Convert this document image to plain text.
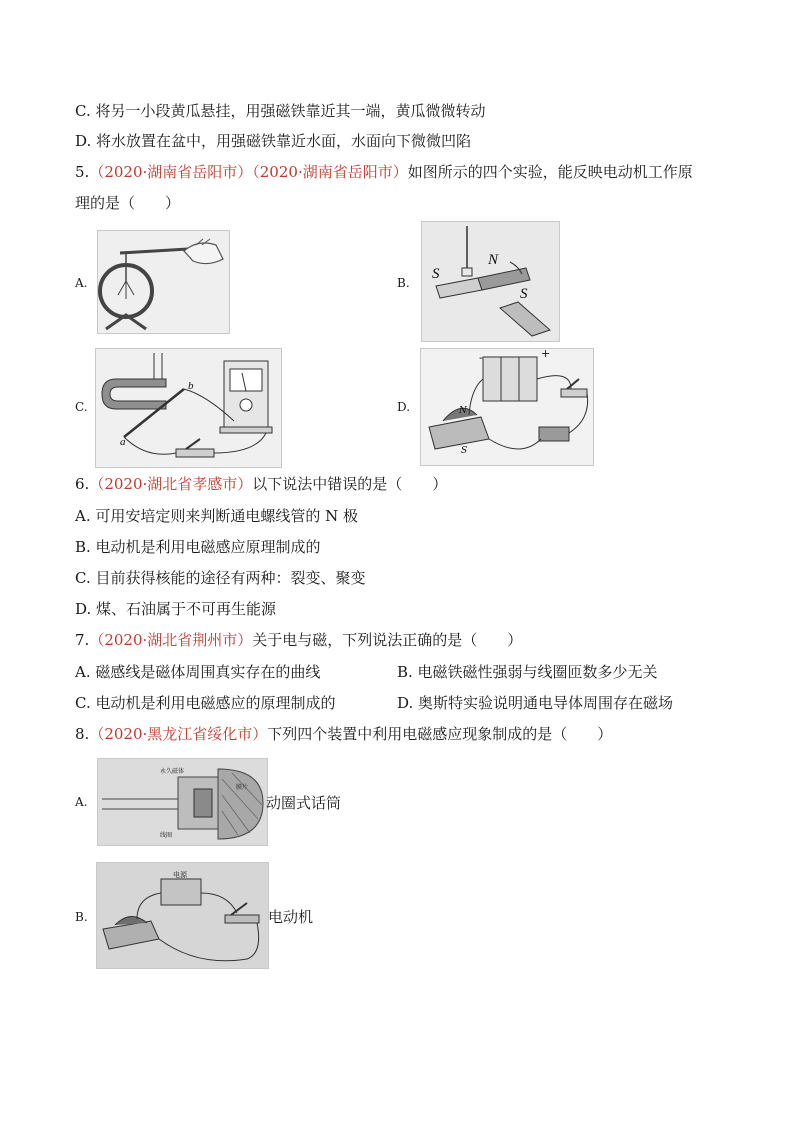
C. 将另一小段黄瓜悬挂，用强磁铁靠近其一端，黄瓜微微转动
D. 将水放置在盆中，用强磁铁靠近水面，水面向下微微凹陷
5.（2020·湖南省岳阳市）（2020·湖南省岳阳市）如图所示的四个实验，能反映电动机工作原
理的是（　　）
A.	B.
S
N
S
C.
a
b
D.
-	+
N
S
6.（2020·湖北省孝感市）以下说法中错误的是（　　）
A. 可用安培定则来判断通电螺线管的 N 极
B. 电动机是利用电磁感应原理制成的
C. 目前获得核能的途径有两种：裂变、聚变
D. 煤、石油属于不可再生能源
7.（2020·湖北省荆州市）关于电与磁，下列说法正确的是（　　）
A. 磁感线是磁体周围真实存在的曲线	B. 电磁铁磁性强弱与线圈匝数多少无关
C. 电动机是利用电磁感应的原理制成的	D. 奥斯特实验说明通电导体周围存在磁场
8.（2020·黑龙江省绥化市）下列四个装置中利用电磁感应现象制成的是（　　）
A.
永久磁体
膜片
线圈
动圈式话筒
B.
电源
电动机
